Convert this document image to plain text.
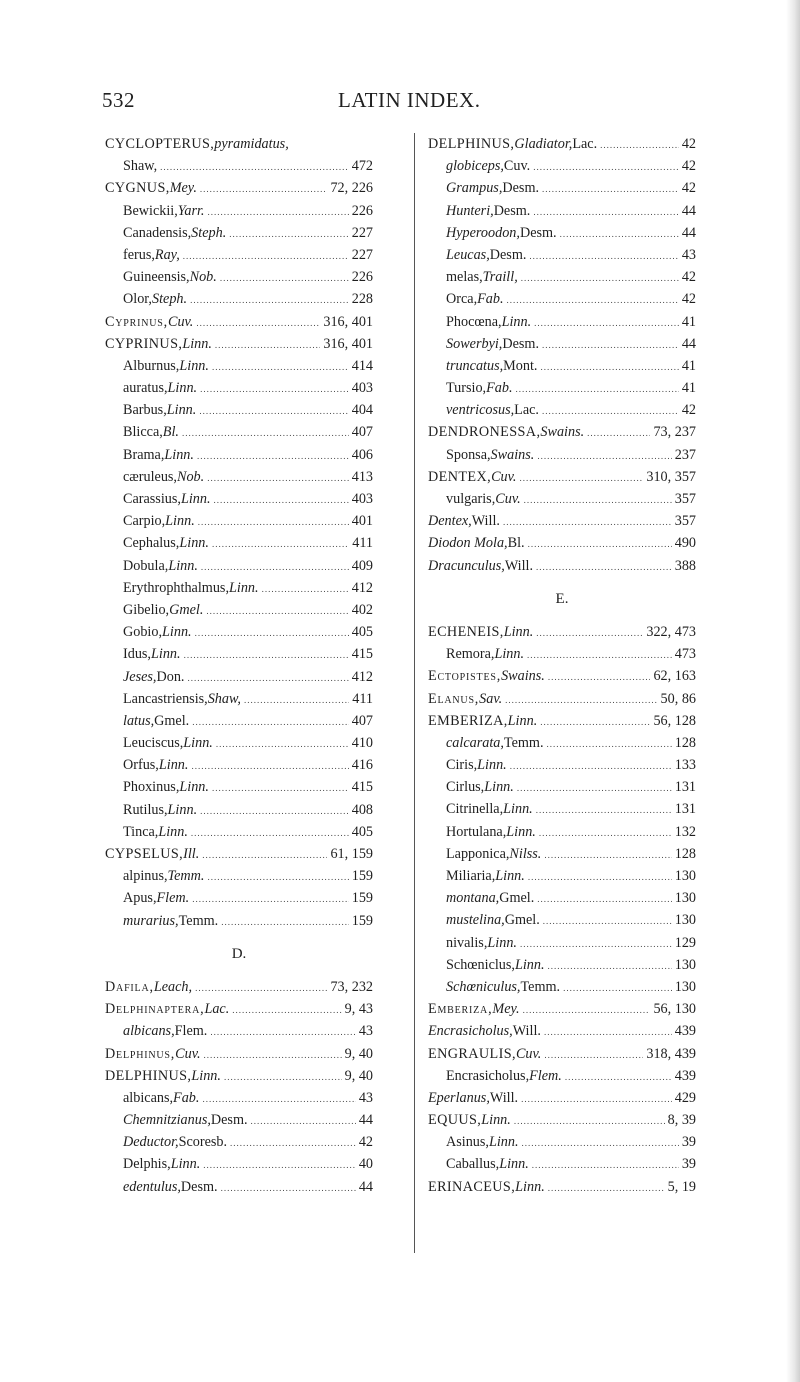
532	LATIN INDEX.
CYCLOPTERUS, pyramidatus,
Shaw, .....	472
CYGNUS, Mey. .....	72, 226
Bewickii, Yarr. .....	226
Canadensis, Steph. .....	227
ferus, Ray, .....	227
Guineensis, Nob. .....	226
Olor, Steph. .....	228
Cyprinus, Cuv. .....	316, 401
CYPRINUS, Linn. .....	316, 401
Alburnus, Linn. .....	414
auratus, Linn. .....	403
Barbus, Linn. .....	404
Blicca, Bl. .....	407
Brama, Linn. .....	406
cæruleus, Nob. .....	413
Carassius, Linn. .....	403
Carpio, Linn. .....	401
Cephalus, Linn. .....	411
Dobula, Linn. .....	409
Erythrophthalmus, Linn. .....	412
Gibelio, Gmel. .....	402
Gobio, Linn. .....	405
Idus, Linn. .....	415
Jeses, Don. .....	412
Lancastriensis, Shaw, .....	411
latus, Gmel. .....	407
Leuciscus, Linn. .....	410
Orfus, Linn. .....	416
Phoxinus, Linn. .....	415
Rutilus, Linn. .....	408
Tinca, Linn. .....	405
CYPSELUS, Ill. .....	61, 159
alpinus, Temm. .....	159
Apus, Flem. .....	159
murarius, Temm. .....	159
D.
Dafila, Leach, .....	73, 232
Delphinaptera, Lac. .....	9, 43
albicans, Flem. .....	43
Delphinus, Cuv. .....	9, 40
DELPHINUS, Linn. .....	9, 40
albicans, Fab. .....	43
Chemnitzianus, Desm. .....	44
Deductor, Scoresb. .....	42
Delphis, Linn. .....	40
edentulus, Desm. .....	44
DELPHINUS, Gladiator, Lac. .....	42
globiceps, Cuv. .....	42
Grampus, Desm. .....	42
Hunteri, Desm. .....	44
Hyperoodon, Desm. .....	44
Leucas, Desm. .....	43
melas, Traill, .....	42
Orca, Fab. .....	42
Phocœna, Linn. .....	41
Sowerbyi, Desm. .....	44
truncatus, Mont. .....	41
Tursio, Fab. .....	41
ventricosus, Lac. .....	42
DENDRONESSA, Swains. .....	73, 237
Sponsa, Swains. .....	237
DENTEX, Cuv. .....	310, 357
vulgaris, Cuv. .....	357
Dentex, Will. .....	357
Diodon Mola, Bl. .....	490
Dracunculus, Will. .....	388
E.
ECHENEIS, Linn. .....	322, 473
Remora, Linn. .....	473
Ectopistes, Swains. .....	62, 163
Elanus, Sav. .....	50, 86
EMBERIZA, Linn. .....	56, 128
calcarata, Temm. .....	128
Ciris, Linn. .....	133
Cirlus, Linn. .....	131
Citrinella, Linn. .....	131
Hortulana, Linn. .....	132
Lapponica, Nilss. .....	128
Miliaria, Linn. .....	130
montana, Gmel. .....	130
mustelina, Gmel. .....	130
nivalis, Linn. .....	129
Schœniclus, Linn. .....	130
Schœniculus, Temm. .....	130
Emberiza, Mey. .....	56, 130
Encrasicholus, Will. .....	439
ENGRAULIS, Cuv. .....	318, 439
Encrasicholus, Flem. .....	439
Eperlanus, Will. .....	429
EQUUS, Linn. .....	8, 39
Asinus, Linn. .....	39
Caballus, Linn. .....	39
ERINACEUS, Linn. .....	5, 19
